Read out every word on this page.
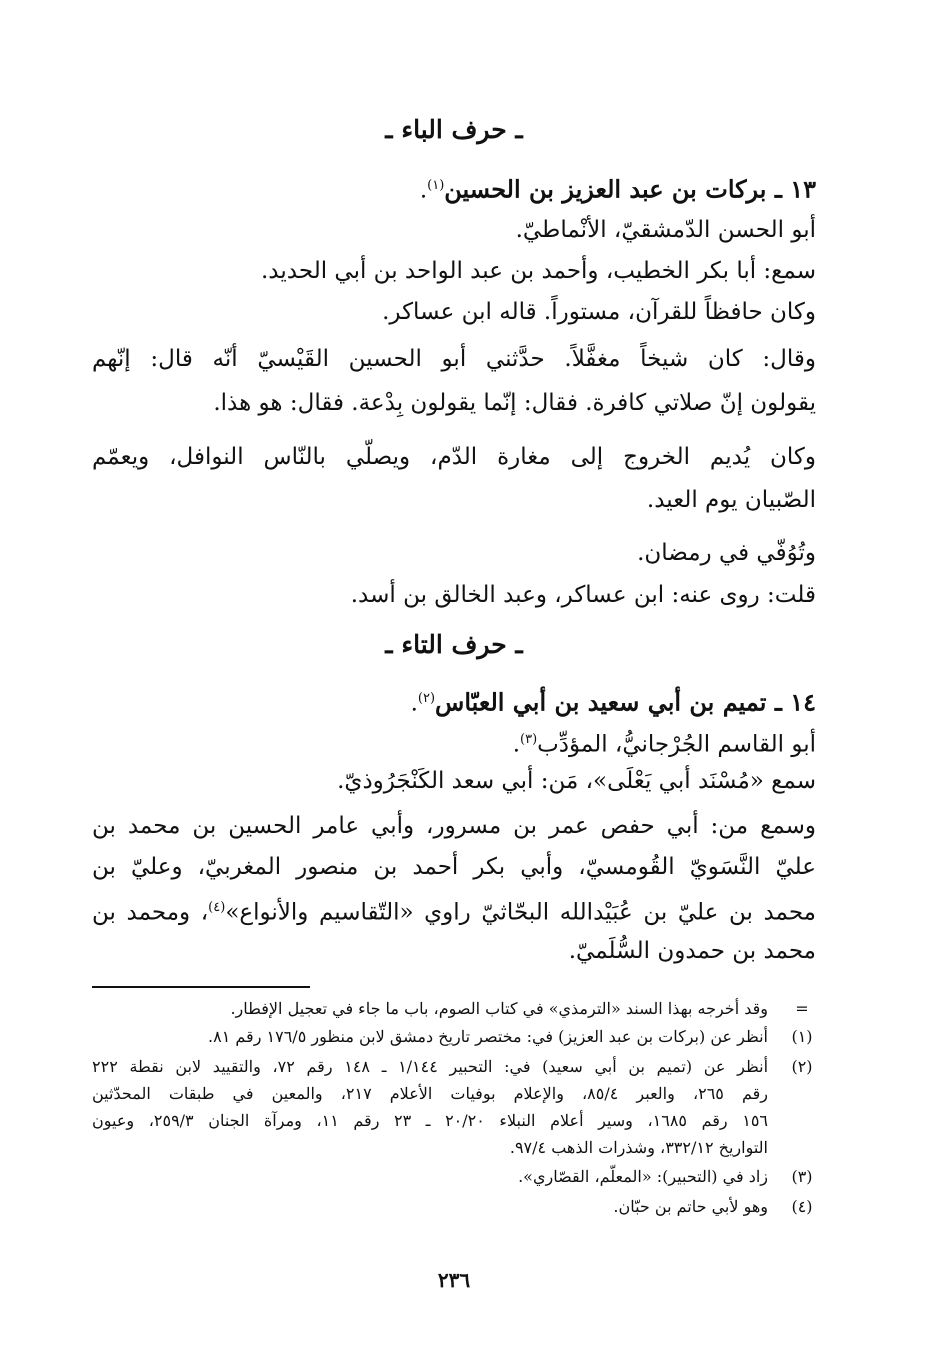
ـ حرف الباء ـ
١٣ ـ بركات بن عبد العزيز بن الحسين$^{(١)}$.
أبو الحسن الدّمشقيّ، الأنْماطيّ.
سمع: أبا بكر الخطيب، وأحمد بن عبد الواحد بن أبي الحديد.
وكان حافظاً للقرآن، مستوراً. قاله ابن عساكر.
وقال: كان شيخاً مغفَّلاً. حدَّثني أبو الحسين القَيْسيّ أنّه قال: إنّهم
يقولون إنّ صلاتي كافرة. فقال: إنّما يقولون بِدْعة. فقال: هو هذا.
وكان يُديم الخروج إلى مغارة الدّم، ويصلّي بالنّاس النوافل، ويعمّم
الصّبيان يوم العيد.
وتُوُفّي في رمضان.
قلت: روى عنه: ابن عساكر، وعبد الخالق بن أسد.
ـ حرف التاء ـ
١٤ ـ تميم بن أبي سعيد بن أبي العبّاس$^{(٢)}$.
أبو القاسم الجُرْجانيُّ، المؤدِّب$^{(٣)}$.
سمع «مُسْنَد أبي يَعْلَى»، مَن: أبي سعد الكَنْجَرُوذيّ.
وسمع من: أبي حفص عمر بن مسرور، وأبي عامر الحسين بن محمد بن
عليّ النَّسَويّ القُومسيّ، وأبي بكر أحمد بن منصور المغربيّ، وعليّ بن
محمد بن عليّ بن عُبَيْدالله البحّاثيّ راوي «التّقاسيم والأنواع»$^{(٤)}$، ومحمد بن
محمد بن حمدون السُّلَميّ.
=
وقد أخرجه بهذا السند «الترمذي» في كتاب الصوم، باب ما جاء في تعجيل الإفطار.
(١)
أنظر عن (بركات بن عبد العزيز) في: مختصر تاريخ دمشق لابن منظور ١٧٦/٥ رقم ٨١.
(٢)
أنظر عن (تميم بن أبي سعيد) في: التحبير ١/١٤٤ ـ ١٤٨ رقم ٧٢، والتقييد لابن نقطة ٢٢٢
رقم ٢٦٥، والعبر ٨٥/٤، والإعلام بوفيات الأعلام ٢١٧، والمعين في طبقات المحدّثين
١٥٦ رقم ١٦٨٥، وسير أعلام النبلاء ٢٠/٢٠ ـ ٢٣ رقم ١١، ومرآة الجنان ٢٥٩/٣، وعيون
التواريخ ٣٣٢/١٢، وشذرات الذهب ٩٧/٤.
(٣)
زاد في (التحبير): «المعلّم، القصّاري».
(٤)
وهو لأبي حاتم بن حبّان.
٢٣٦
